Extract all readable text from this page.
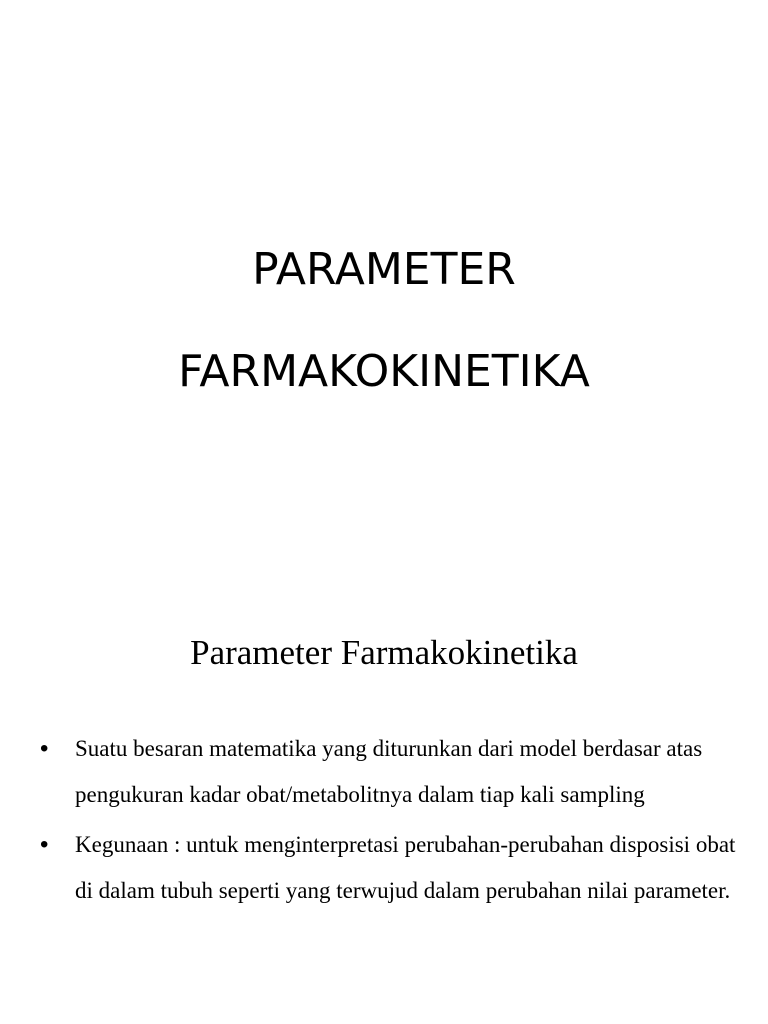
PARAMETER
FARMAKOKINETIKA
Parameter Farmakokinetika
• Suatu besaran matematika yang diturunkan dari model berdasar atas pengukuran kadar obat/metabolitnya dalam tiap kali sampling
• Kegunaan : untuk menginterpretasi perubahan-perubahan disposisi obat di dalam tubuh seperti yang terwujud dalam perubahan nilai parameter.
